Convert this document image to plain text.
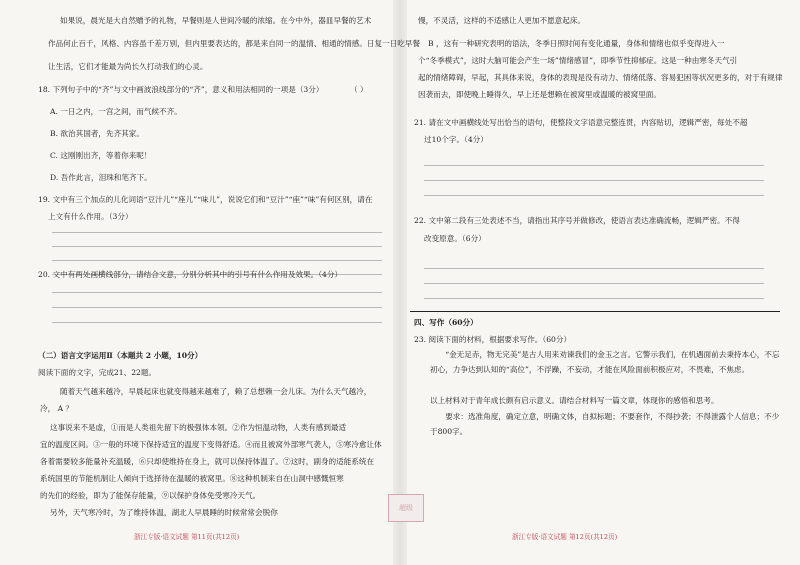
如果说，晨光是大自然赠予的礼物，早餐则是人世间冷暖的浓缩。在今中外，器皿早餐的艺术
作品何止百千，风格、内容虽千差万别，但内里要表达的，都是来自同一的温情、相通的情感。日复一日吃早餐
让生活，它们才能最为尚长久打动我们的心灵。
18. 下列句子中的“齐”与文中画波浪线部分的“齐”，意义和用法相同的一项是（3分）	（ ）
A. 一日之内，一宫之间，而气候不齐。
B. 欲治其国者，先齐其家。
C. 这刚刚出齐，等着你来呢！
D. 吾作此言，泪珠和笔齐下。
19. 文中有三个加点的儿化词语“豆汁儿”“座儿”“味儿”，说说它们和“豆汁”“座”“味”有何区别，请在
上文有什么作用。（3分）
20. 文中有两处画横线部分，请结合文意，分别分析其中的引号有什么作用及效果。（4分）
（二）语言文字运用Ⅱ（本题共 2 小题，10分）
阅读下面的文字，完成21、22题。
随着天气越来越冷，早晨起床也就变得越来越难了，赖了总想赖一会儿床。为什么天气越冷，
冷， A ？
这事说来不是虚，①而是人类祖先留下的极强体本领。②作为恒温动物，人类有感到最适
宜的温度区间。③一般的环境下保持适宜的温度下变得舒适。④而且被窝外部寒气袭人，⑤寒冷愈让体
各着需要较多能量补充温暖，⑥只却使维持在身上，就可以保持体温了。⑦这时，副身的适能系统在
系统国里的节能机制让人倾向于选择待在温暖的被窝里。⑧这种机制来自在山洞中感慨恒寒
的先们的经验，即为了能保存能量，⑨以保护身体免受寒冷天气。
另外，天气寒冷时，为了维持体温，湖北人早晨睡的时候常常会脱你
浙江专版·语文试题 第11页(共12页)
慢，不灵活，这样的不适感让人更加不愿意起床。
B ，这有一种研究表明的语法，冬季日照时间有变化通量，身体和情绪也似乎变得进入一
个“冬季模式”，这时大脑可能会产生一场”情绪感冒”，即季节性抑郁症。这是一种由寒冬天气引
起的情绪障碍，早起，其具体来说，身体的表现是没有动力、情绪低落、容易犯困等状况更多的，对于有规律
因袭而去，即使晚上睡得久，早上还是想赖在被窝里或温暖的被窝里面。
21. 请在文中画横线处写出恰当的语句，使整段文字语意完整连贯，内容贴切，逻辑严密，每处不超
过10个字。（4分）
22. 文中第二段有三处表述不当，请指出其序号并做修改，使语言表达准确流畅，逻辑严密。不得
改变原意。（6分）
四、写作（60分）
23. 阅读下面的材料，根据要求写作。（60分）
“金无足赤，物无完美”是古人用来劝谏我们的金玉之言。它警示我们，在机遇面前去秉持本心，不忘初心，力争达到认知的“高位”，不浮躁，不妄动，才能在风险面前积极应对，不畏难，不焦虑。
以上材料对于青年成长颇有启示意义。请结合材料写一篇文章，体现你的感悟和思考。
要求：选准角度，确定立意，明确文体，自拟标题；不要套作，不得抄袭；不得泄露个人信息；不少于800字。
浙江专版·语文试题 第12页(共12页)
超级
